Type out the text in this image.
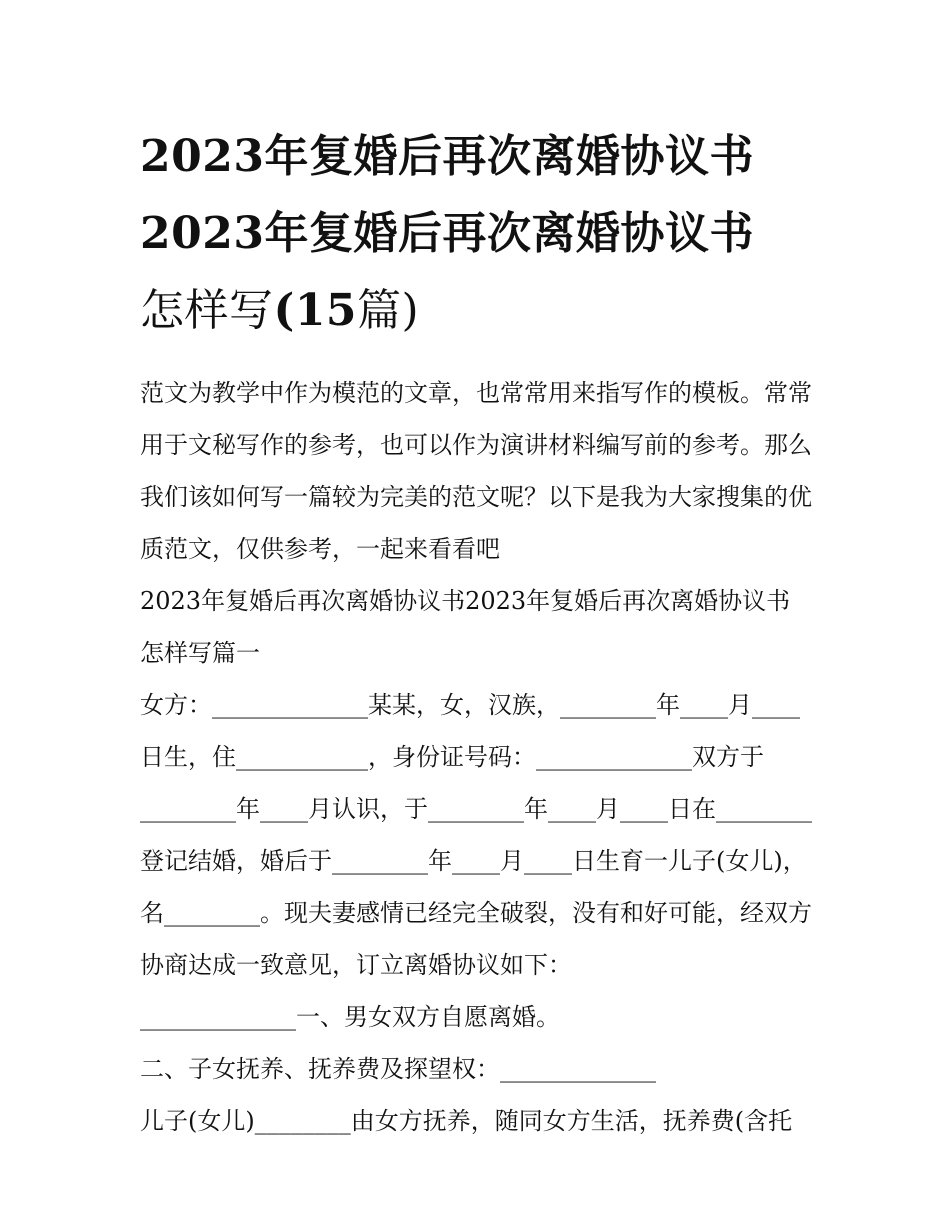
2023年复婚后再次离婚协议书
2023年复婚后再次离婚协议书
怎样写(15篇)

范文为教学中作为模范的文章，也常常用来指写作的模板。常常用于文秘写作的参考，也可以作为演讲材料编写前的参考。那么我们该如何写一篇较为完美的范文呢？以下是我为大家搜集的优质范文，仅供参考，一起来看看吧

2023年复婚后再次离婚协议书2023年复婚后再次离婚协议书怎样写篇一

女方：_____________某某，女，汉族，________年____月____日生，住___________，身份证号码：_____________双方于________年____月认识，于________年____月____日在________登记结婚，婚后于________年____月____日生育一儿子(女儿)，名________。现夫妻感情已经完全破裂，没有和好可能，经双方协商达成一致意见，订立离婚协议如下：

_____________一、男女双方自愿离婚。

二、子女抚养、抚养费及探望权：_____________

儿子(女儿)________由女方抚养，随同女方生活，抚养费(含托
